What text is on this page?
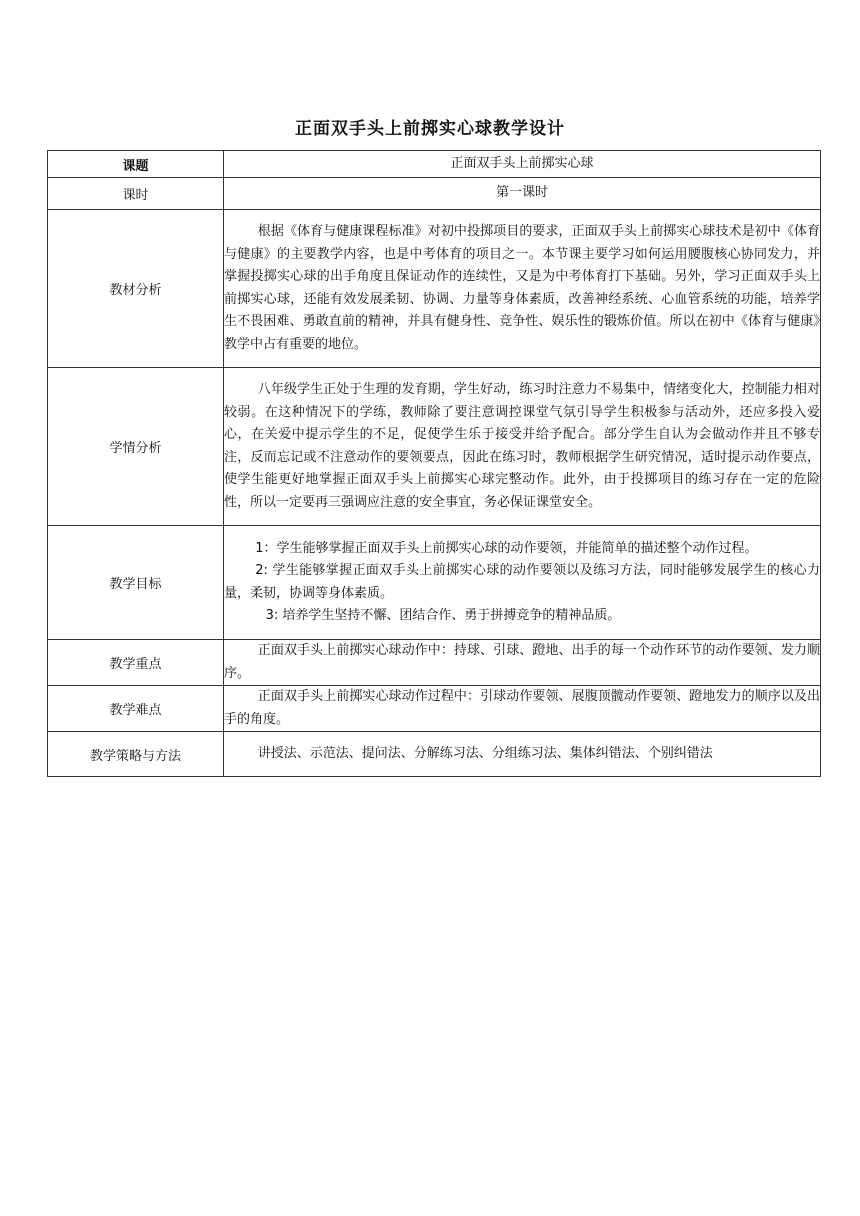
正面双手头上前掷实心球教学设计
课题	正面双手头上前掷实心球
课时	第一课时
教材分析	根据《体育与健康课程标准》对初中投掷项目的要求，正面双手头上前掷实心球技术是初中《体育与健康》的主要教学内容，也是中考体育的项目之一。本节课主要学习如何运用腰腹核心协同发力，并掌握投掷实心球的出手角度且保证动作的连续性，又是为中考体育打下基础。另外，学习正面双手头上前掷实心球，还能有效发展柔韧、协调、力量等身体素质，改善神经系统、心血管系统的功能，培养学生不畏困难、勇敢直前的精神，并具有健身性、竞争性、娱乐性的锻炼价值。所以在初中《体育与健康》教学中占有重要的地位。

学情分析	八年级学生正处于生理的发育期，学生好动，练习时注意力不易集中，情绪变化大，控制能力相对较弱。在这种情况下的学练，教师除了要注意调控课堂气氛引导学生积极参与活动外，还应多投入爱心，在关爱中提示学生的不足，促使学生乐于接受并给予配合。部分学生自认为会做动作并且不够专注，反而忘记或不注意动作的要领要点，因此在练习时，教师根据学生研究情况，适时提示动作要点，使学生能更好地掌握正面双手头上前掷实心球完整动作。此外，由于投掷项目的练习存在一定的危险性，所以一定要再三强调应注意的安全事宜，务必保证课堂安全。

教学目标	1：学生能够掌握正面双手头上前掷实心球的动作要领，并能简单的描述整个动作过程。

2: 学生能够掌握正面双手头上前掷实心球的动作要领以及练习方法，同时能够发展学生的核心力量，柔韧，协调等身体素质。

3: 培养学生坚持不懈、团结合作、勇于拼搏竞争的精神品质。

教学重点	正面双手头上前掷实心球动作中：持球、引球、蹬地、出手的每一个动作环节的动作要领、发力顺序。

教学难点	正面双手头上前掷实心球动作过程中：引球动作要领、展腹顶髋动作要领、蹬地发力的顺序以及出手的角度。

教学策略与方法	讲授法、示范法、提问法、分解练习法、分组练习法、集体纠错法、个别纠错法
